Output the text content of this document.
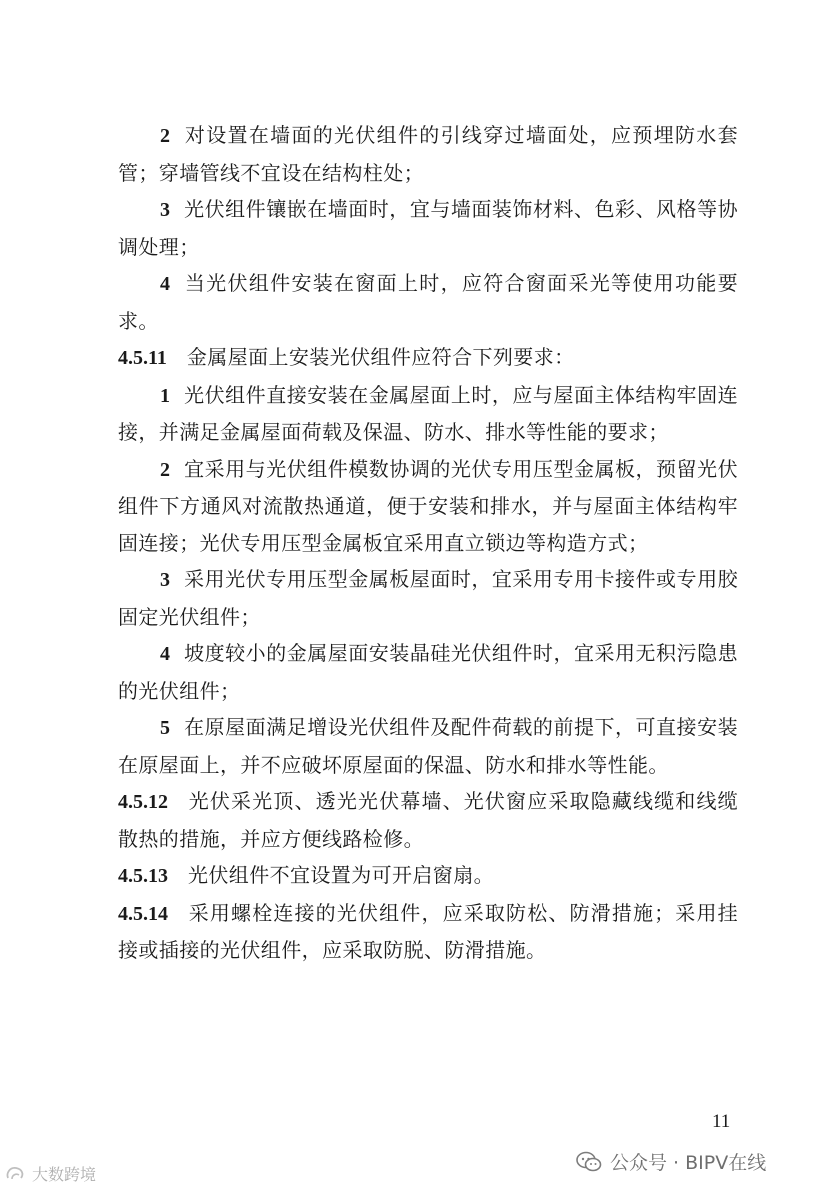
2 对设置在墙面的光伏组件的引线穿过墙面处，应预埋防水套管；穿墙管线不宜设在结构柱处；

3 光伏组件镶嵌在墙面时，宜与墙面装饰材料、色彩、风格等协调处理；

4 当光伏组件安装在窗面上时，应符合窗面采光等使用功能要求。

4.5.11 金属屋面上安装光伏组件应符合下列要求：

1 光伏组件直接安装在金属屋面上时，应与屋面主体结构牢固连接，并满足金属屋面荷载及保温、防水、排水等性能的要求；

2 宜采用与光伏组件模数协调的光伏专用压型金属板，预留光伏组件下方通风对流散热通道，便于安装和排水，并与屋面主体结构牢固连接；光伏专用压型金属板宜采用直立锁边等构造方式；

3 采用光伏专用压型金属板屋面时，宜采用专用卡接件或专用胶固定光伏组件；

4 坡度较小的金属屋面安装晶硅光伏组件时，宜采用无积污隐患的光伏组件；

5 在原屋面满足增设光伏组件及配件荷载的前提下，可直接安装在原屋面上，并不应破坏原屋面的保温、防水和排水等性能。

4.5.12 光伏采光顶、透光光伏幕墙、光伏窗应采取隐藏线缆和线缆散热的措施，并应方便线路检修。

4.5.13 光伏组件不宜设置为可开启窗扇。

4.5.14 采用螺栓连接的光伏组件，应采取防松、防滑措施；采用挂接或插接的光伏组件，应采取防脱、防滑措施。

11
公众号 · BIPV在线
大数跨境
